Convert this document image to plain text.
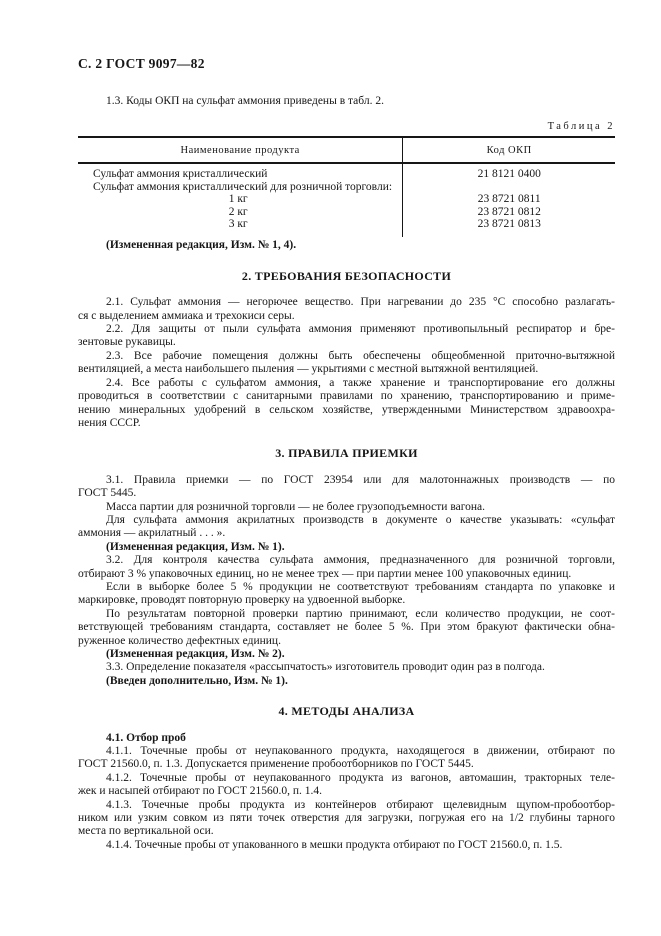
С. 2 ГОСТ 9097—82
1.3. Коды ОКП на сульфат аммония приведены в табл. 2.
Таблица 2
Наименование продукта	Код ОКП
Сульфат аммония кристаллический	21 8121 0400
Сульфат аммония кристаллический для розничной торговли:	
1 кг	23 8721 0811
2 кг	23 8721 0812
3 кг	23 8721 0813
(Измененная редакция, Изм. № 1, 4).
2. ТРЕБОВАНИЯ БЕЗОПАСНОСТИ
2.1. Сульфат аммония — негорючее вещество. При нагревании до 235 °С способно разлагать-
ся с выделением аммиака и трехокиси серы.
2.2. Для защиты от пыли сульфата аммония применяют противопыльный респиратор и бре-
зентовые рукавицы.
2.3. Все рабочие помещения должны быть обеспечены общеобменной приточно-вытяжной
вентиляцией, а места наибольшего пыления — укрытиями с местной вытяжной вентиляцией.
2.4. Все работы с сульфатом аммония, а также хранение и транспортирование его должны
проводиться в соответствии с санитарными правилами по хранению, транспортированию и приме-
нению минеральных удобрений в сельском хозяйстве, утвержденными Министерством здравоохра-
нения СССР.
3. ПРАВИЛА ПРИЕМКИ
3.1. Правила приемки — по ГОСТ 23954 или для малотоннажных производств — по
ГОСТ 5445.
Масса партии для розничной торговли — не более грузоподъемности вагона.
Для сульфата аммония акрилатных производств в документе о качестве указывать: «сульфат
аммония — акрилатный . . . ».
(Измененная редакция, Изм. № 1).
3.2. Для контроля качества сульфата аммония, предназначенного для розничной торговли,
отбирают 3 % упаковочных единиц, но не менее трех — при партии менее 100 упаковочных единиц.
Если в выборке более 5 % продукции не соответствуют требованиям стандарта по упаковке и
маркировке, проводят повторную проверку на удвоенной выборке.
По результатам повторной проверки партию принимают, если количество продукции, не соот-
ветствующей требованиям стандарта, составляет не более 5 %. При этом бракуют фактически обна-
руженное количество дефектных единиц.
(Измененная редакция, Изм. № 2).
3.3. Определение показателя «рассыпчатость» изготовитель проводит один раз в полгода.
(Введен дополнительно, Изм. № 1).
4. МЕТОДЫ АНАЛИЗА
4.1. Отбор проб
4.1.1. Точечные пробы от неупакованного продукта, находящегося в движении, отбирают по
ГОСТ 21560.0, п. 1.3. Допускается применение пробоотборников по ГОСТ 5445.
4.1.2. Точечные пробы от неупакованного продукта из вагонов, автомашин, тракторных теле-
жек и насыпей отбирают по ГОСТ 21560.0, п. 1.4.
4.1.3. Точечные пробы продукта из контейнеров отбирают щелевидным щупом-пробоотбор-
ником или узким совком из пяти точек отверстия для загрузки, погружая его на 1/2 глубины тарного
места по вертикальной оси.
4.1.4. Точечные пробы от упакованного в мешки продукта отбирают по ГОСТ 21560.0, п. 1.5.
